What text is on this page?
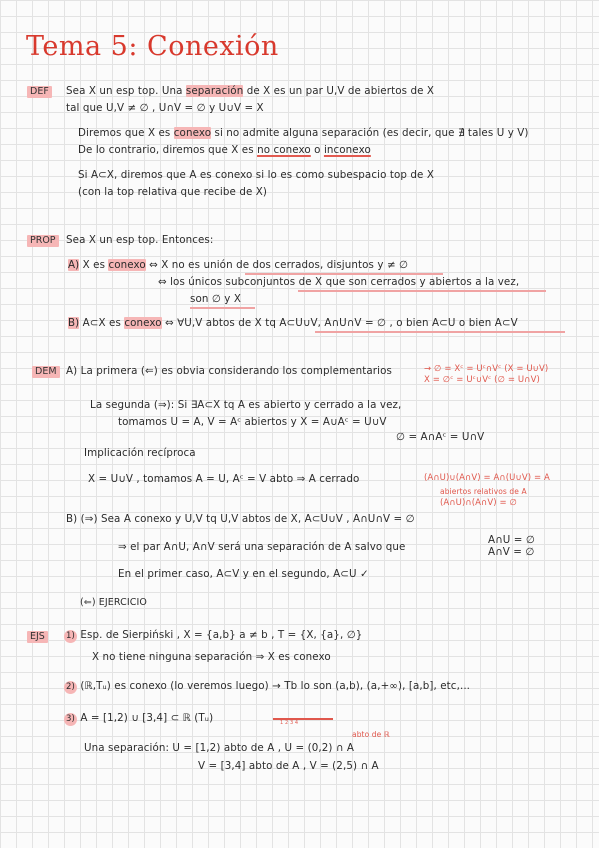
Tema 5: Conexión
DEF Sea X un esp top. Una separación de X es un par U,V de abiertos de X
tal que U,V ≠ ∅ , U∩V = ∅ y U∪V = X
Diremos que X es conexo si no admite alguna separación (es decir, que ∄ tales U y V)
De lo contrario, diremos que X es no conexo o inconexo
Si A⊂X, diremos que A es conexo si lo es como subespacio top de X
(con la top relativa que recibe de X)
PROP Sea X un esp top. Entonces:
A) X es conexo ⇔ X no es unión de dos cerrados, disjuntos y ≠ ∅
⇔ los únicos subconjuntos de X que son cerrados y abiertos a la vez,
son ∅ y X
B) A⊂X es conexo ⇔ ∀U,V abtos de X tq A⊂U∪V, A∩U∩V = ∅ , o bien A⊂U o bien A⊂V
DEM A) La primera (⇐) es obvia considerando los complementarios	→ ∅ = Xᶜ = Uᶜ∩Vᶜ (X = U∪V)
X = ∅ᶜ = Uᶜ∪Vᶜ (∅ = U∩V)
La segunda (⇒): Si ∃A⊂X tq A es abierto y cerrado a la vez,
tomamos U = A, V = Aᶜ abiertos y X = A∪Aᶜ = U∪V
∅ = A∩Aᶜ = U∩V
Implicación recíproca
X = U∪V , tomamos A = U, Aᶜ = V abto ⇒ A cerrado	(A∩U)∪(A∩V) = A∩(U∪V) = A
abiertos relativos de A
(A∩U)∩(A∩V) = ∅
B) (⇒) Sea A conexo y U,V tq U,V abtos de X, A⊂U∪V , A∩U∩V = ∅
⇒ el par A∩U, A∩V será una separación de A salvo que
A∩U = ∅
A∩V = ∅
En el primer caso, A⊂V y en el segundo, A⊂U ✓
(⇐) EJERCICIO
EJS	1) Esp. de Sierpiński , X = {a,b} a ≠ b , T = {X, {a}, ∅}
X no tiene ninguna separación ⇒ X es conexo
2) (ℝ,Tᵤ) es conexo (lo veremos luego) → Tb lo son (a,b), (a,+∞), [a,b], etc,...
3) A = [1,2) ∪ [3,4] ⊂ ℝ (Tᵤ)	1 2 3 4
abto de ℝ
Una separación: U = [1,2) abto de A , U = (0,2) ∩ A
V = [3,4] abto de A , V = (2,5) ∩ A
